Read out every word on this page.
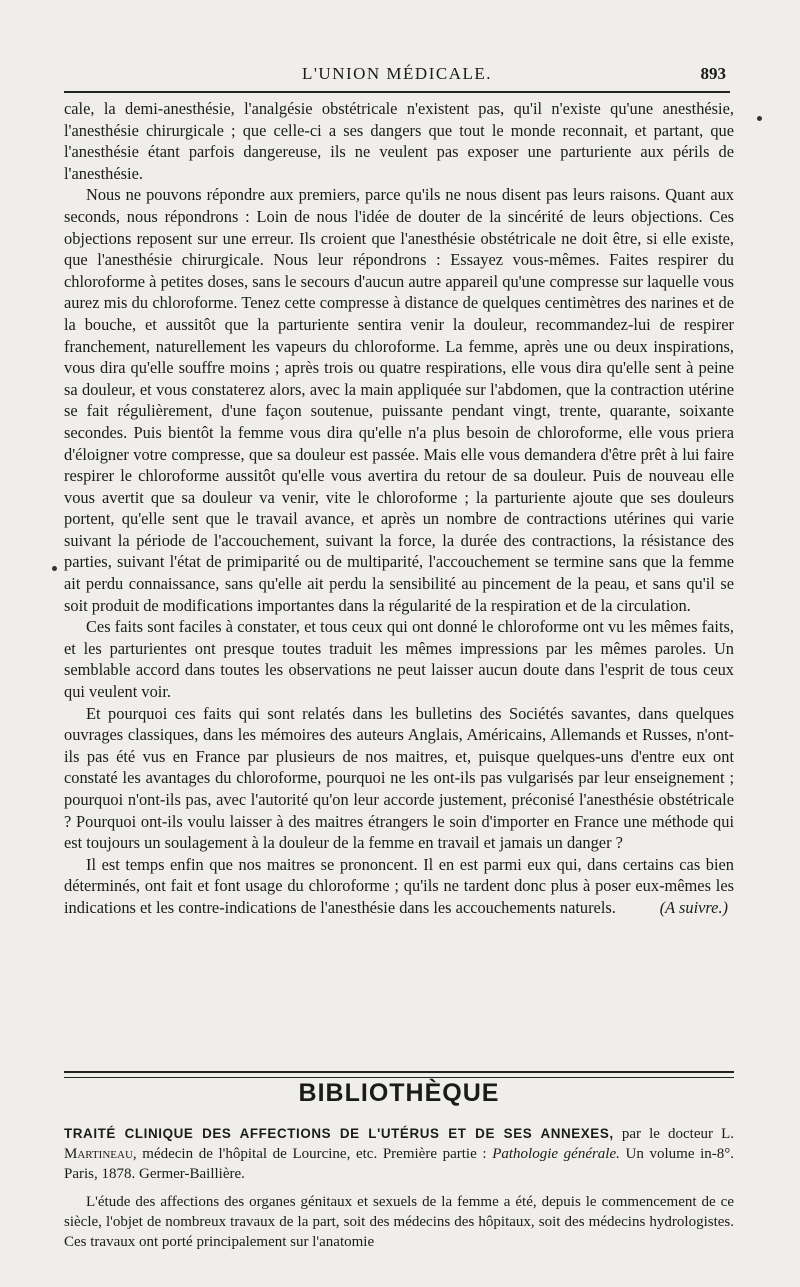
L'UNION MÉDICALE.	893

cale, la demi-anesthésie, l'analgésie obstétricale n'existent pas, qu'il n'existe qu'une anesthésie, l'anesthésie chirurgicale ; que celle-ci a ses dangers que tout le monde reconnait, et partant, que l'anesthésie étant parfois dangereuse, ils ne veulent pas exposer une parturiente aux périls de l'anesthésie.

Nous ne pouvons répondre aux premiers, parce qu'ils ne nous disent pas leurs raisons. Quant aux seconds, nous répondrons : Loin de nous l'idée de douter de la sincérité de leurs objections. Ces objections reposent sur une erreur. Ils croient que l'anesthésie obstétricale ne doit être, si elle existe, que l'anesthésie chirurgicale. Nous leur répondrons : Essayez vous-mêmes. Faites respirer du chloroforme à petites doses, sans le secours d'aucun autre appareil qu'une compresse sur laquelle vous aurez mis du chloroforme. Tenez cette compresse à distance de quelques centimètres des narines et de la bouche, et aussitôt que la parturiente sentira venir la douleur, recommandez-lui de respirer franchement, naturellement les vapeurs du chloroforme. La femme, après une ou deux inspirations, vous dira qu'elle souffre moins ; après trois ou quatre respirations, elle vous dira qu'elle sent à peine sa douleur, et vous constaterez alors, avec la main appliquée sur l'abdomen, que la contraction utérine se fait régulièrement, d'une façon soutenue, puissante pendant vingt, trente, quarante, soixante secondes. Puis bientôt la femme vous dira qu'elle n'a plus besoin de chloroforme, elle vous priera d'éloigner votre compresse, que sa douleur est passée. Mais elle vous demandera d'être prêt à lui faire respirer le chloroforme aussitôt qu'elle vous avertira du retour de sa douleur. Puis de nouveau elle vous avertit que sa douleur va venir, vite le chloroforme ; la parturiente ajoute que ses douleurs portent, qu'elle sent que le travail avance, et après un nombre de contractions utérines qui varie suivant la période de l'accouchement, suivant la force, la durée des contractions, la résistance des parties, suivant l'état de primiparité ou de multiparité, l'accouchement se termine sans que la femme ait perdu connaissance, sans qu'elle ait perdu la sensibilité au pincement de la peau, et sans qu'il se soit produit de modifications importantes dans la régularité de la respiration et de la circulation.

Ces faits sont faciles à constater, et tous ceux qui ont donné le chloroforme ont vu les mêmes faits, et les parturientes ont presque toutes traduit les mêmes impressions par les mêmes paroles. Un semblable accord dans toutes les observations ne peut laisser aucun doute dans l'esprit de tous ceux qui veulent voir.

Et pourquoi ces faits qui sont relatés dans les bulletins des Sociétés savantes, dans quelques ouvrages classiques, dans les mémoires des auteurs Anglais, Américains, Allemands et Russes, n'ont-ils pas été vus en France par plusieurs de nos maitres, et, puisque quelques-uns d'entre eux ont constaté les avantages du chloroforme, pourquoi ne les ont-ils pas vulgarisés par leur enseignement ; pourquoi n'ont-ils pas, avec l'autorité qu'on leur accorde justement, préconisé l'anesthésie obstétricale ? Pourquoi ont-ils voulu laisser à des maitres étrangers le soin d'importer en France une méthode qui est toujours un soulagement à la douleur de la femme en travail et jamais un danger ?

Il est temps enfin que nos maitres se prononcent. Il en est parmi eux qui, dans certains cas bien déterminés, ont fait et font usage du chloroforme ; qu'ils ne tardent donc plus à poser eux-mêmes les indications et les contre-indications de l'anesthésie dans les accouchements naturels.	(A suivre.)

BIBLIOTHÈQUE

TRAITÉ CLINIQUE DES AFFECTIONS DE L'UTÉRUS ET DE SES ANNEXES, par le docteur L. Martineau, médecin de l'hôpital de Lourcine, etc. Première partie : Pathologie générale. Un volume in-8°. Paris, 1878. Germer-Baillière.

L'étude des affections des organes génitaux et sexuels de la femme a été, depuis le commencement de ce siècle, l'objet de nombreux travaux de la part, soit des médecins des hôpitaux, soit des médecins hydrologistes. Ces travaux ont porté principalement sur l'anatomie
